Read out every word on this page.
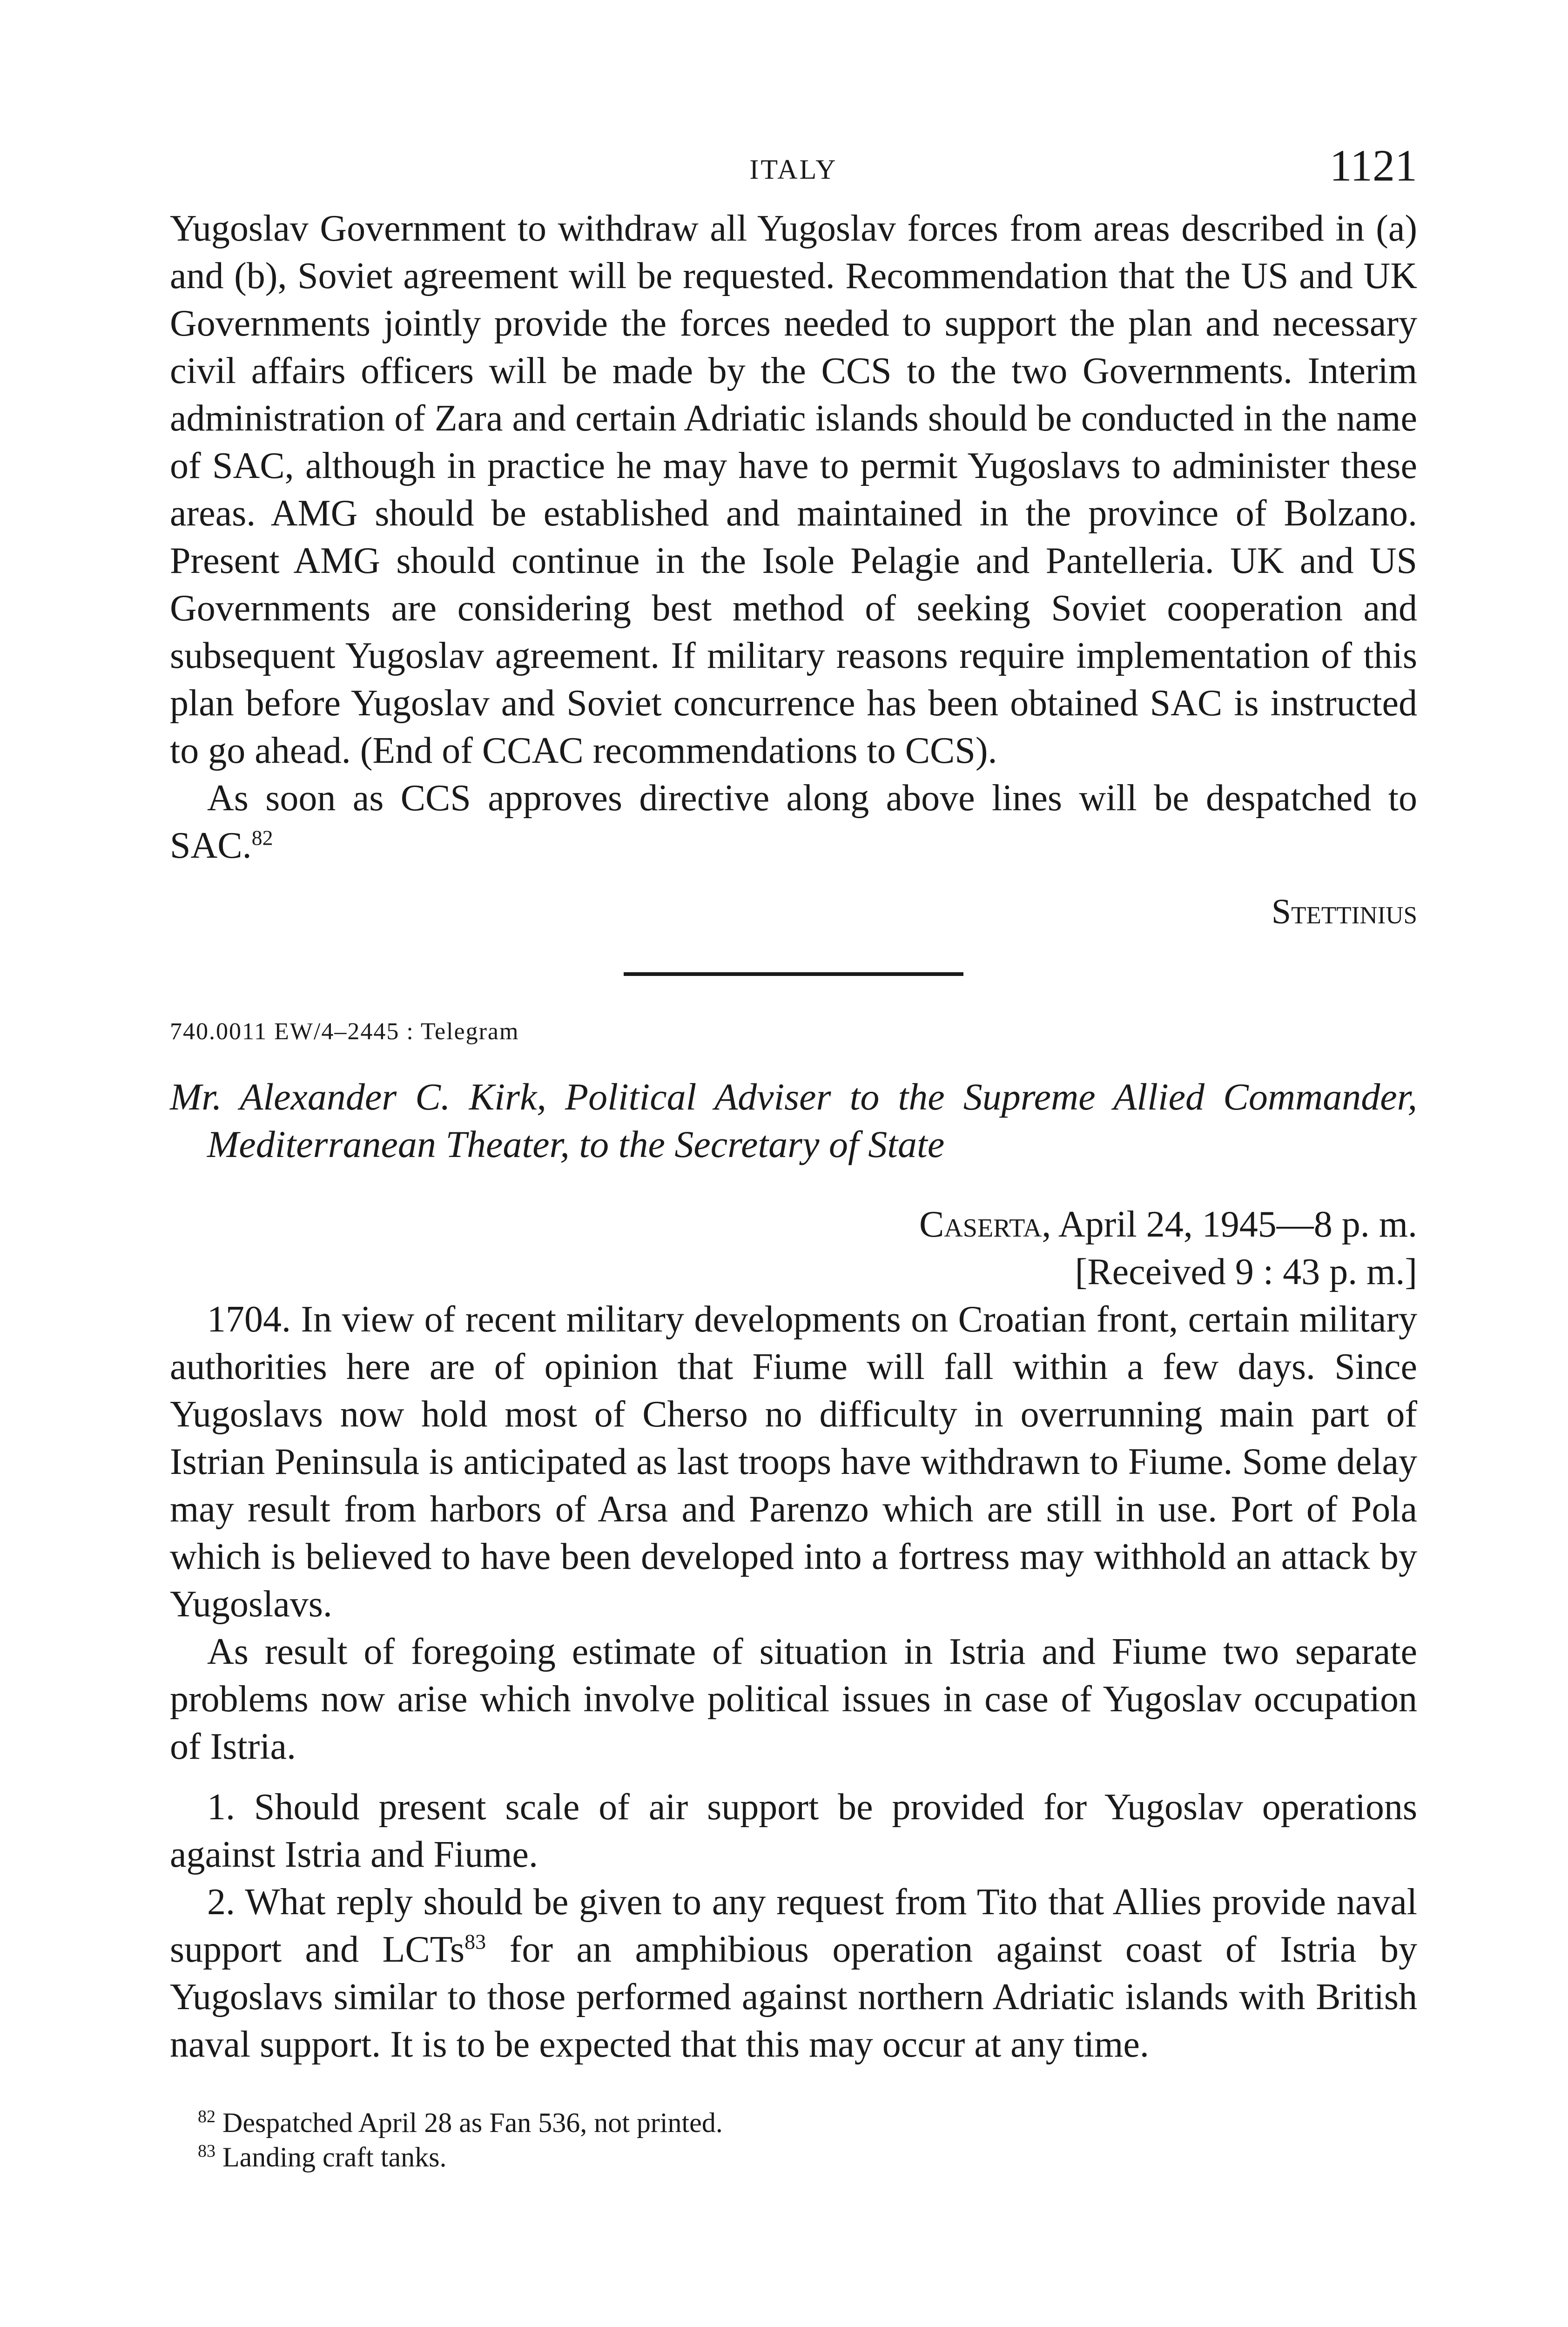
ITALY	1121

Yugoslav Government to withdraw all Yugoslav forces from areas described in (a) and (b), Soviet agreement will be requested. Recommendation that the US and UK Governments jointly provide the forces needed to support the plan and necessary civil affairs officers will be made by the CCS to the two Governments. Interim administration of Zara and certain Adriatic islands should be conducted in the name of SAC, although in practice he may have to permit Yugoslavs to administer these areas. AMG should be established and maintained in the province of Bolzano. Present AMG should continue in the Isole Pelagie and Pantelleria. UK and US Governments are considering best method of seeking Soviet cooperation and subsequent Yugoslav agreement. If military reasons require implementation of this plan before Yugoslav and Soviet concurrence has been obtained SAC is instructed to go ahead. (End of CCAC recommendations to CCS).

As soon as CCS approves directive along above lines will be despatched to SAC.$^{82}$

Stettinius
740.0011 EW/4–2445 : Telegram
Mr. Alexander C. Kirk, Political Adviser to the Supreme Allied Commander, Mediterranean Theater, to the Secretary of State
Caserta, April 24, 1945—8 p. m.
[Received 9 : 43 p. m.]

1704. In view of recent military developments on Croatian front, certain military authorities here are of opinion that Fiume will fall within a few days. Since Yugoslavs now hold most of Cherso no difficulty in overrunning main part of Istrian Peninsula is anticipated as last troops have withdrawn to Fiume. Some delay may result from harbors of Arsa and Parenzo which are still in use. Port of Pola which is believed to have been developed into a fortress may withhold an attack by Yugoslavs.

As result of foregoing estimate of situation in Istria and Fiume two separate problems now arise which involve political issues in case of Yugoslav occupation of Istria.

1. Should present scale of air support be provided for Yugoslav operations against Istria and Fiume.

2. What reply should be given to any request from Tito that Allies provide naval support and LCTs$^{83}$ for an amphibious operation against coast of Istria by Yugoslavs similar to those performed against northern Adriatic islands with British naval support. It is to be expected that this may occur at any time.

$^{82}$ Despatched April 28 as Fan 536, not printed.
$^{83}$ Landing craft tanks.
